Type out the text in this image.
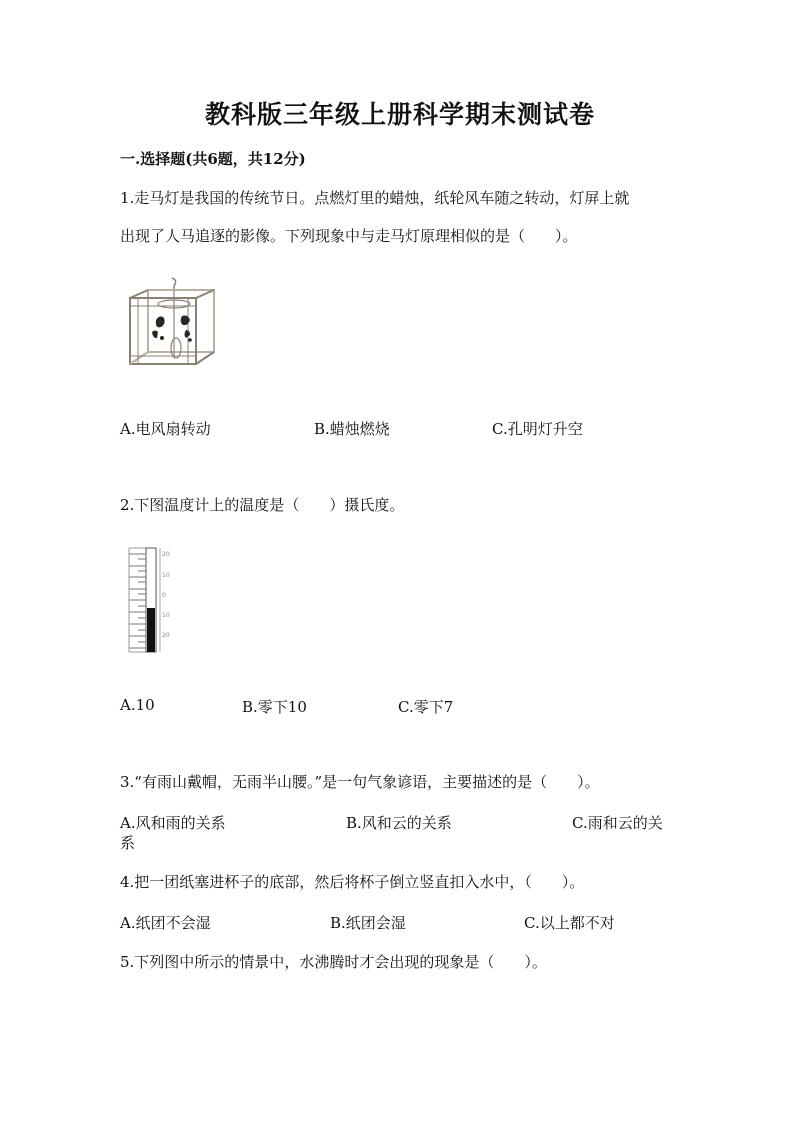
教科版三年级上册科学期末测试卷
一.选择题(共6题，共12分)
1.走马灯是我国的传统节日。点燃灯里的蜡烛，纸轮风车随之转动，灯屏上就
出现了人马追逐的影像。下列现象中与走马灯原理相似的是（　　）。
A.电风扇转动	B.蜡烛燃烧	C.孔明灯升空
2.下图温度计上的温度是（　　）摄氏度。
20
10
0
10
20
A.10	B.零下10	C.零下7
3.“有雨山戴帽，无雨半山腰。”是一句气象谚语，主要描述的是（　　）。
A.风和雨的关系	B.风和云的关系	C.雨和云的关
系
4.把一团纸塞进杯子的底部，然后将杯子倒立竖直扣入水中，（　　）。
A.纸团不会湿	B.纸团会湿	C.以上都不对
5.下列图中所示的情景中，水沸腾时才会出现的现象是（　　）。
